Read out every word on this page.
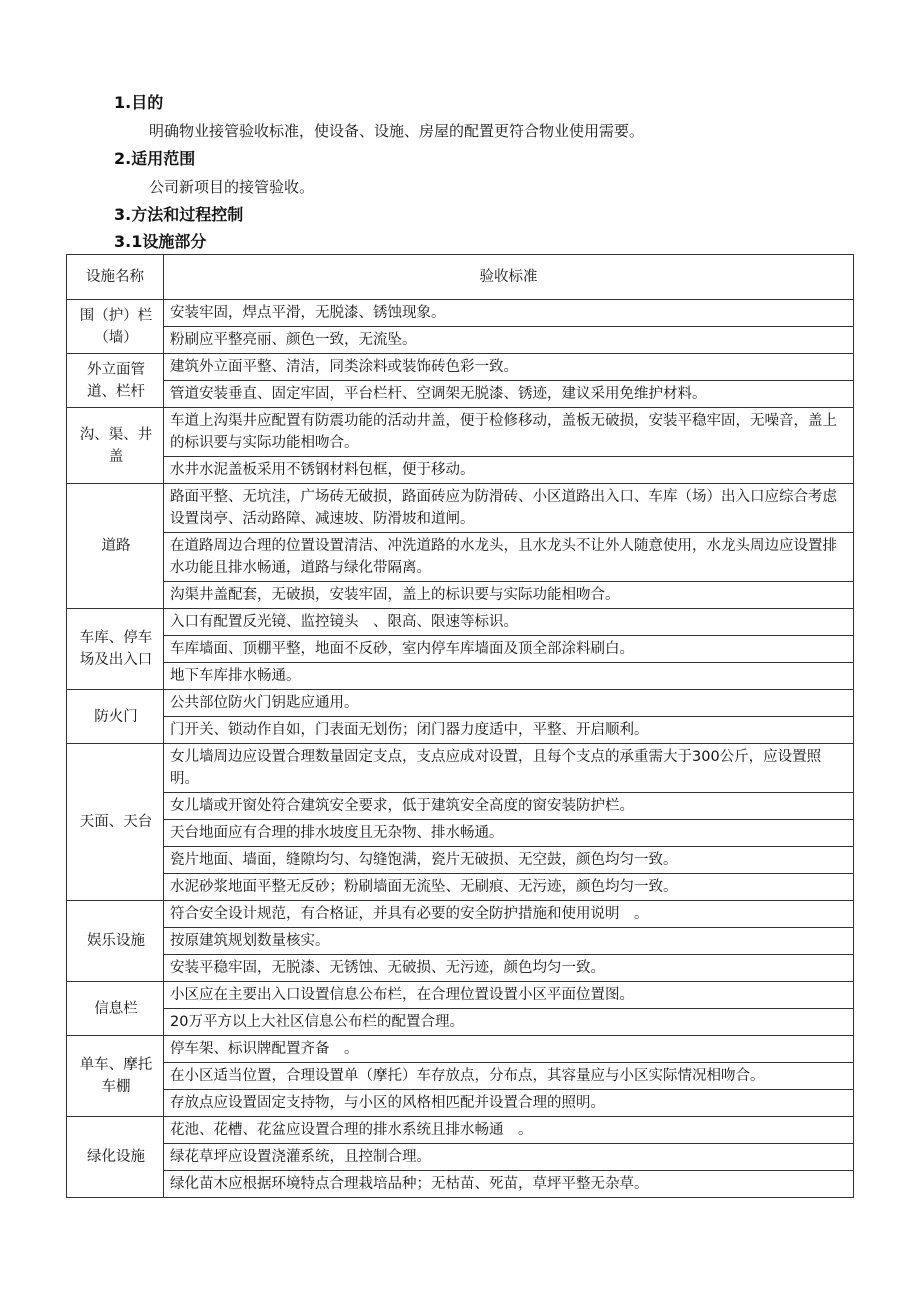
1.目的
明确物业接管验收标准，使设备、设施、房屋的配置更符合物业使用需要。
2.适用范围
公司新项目的接管验收。
3.方法和过程控制
3.1设施部分
设施名称	验收标准
围（护）栏（墙）	安装牢固，焊点平滑，无脱漆、锈蚀现象。
	粉刷应平整亮丽、颜色一致，无流坠。
外立面管道、栏杆	建筑外立面平整、清洁，同类涂料或装饰砖色彩一致。
	管道安装垂直、固定牢固，平台栏杆、空调架无脱漆、锈迹，建议采用免维护材料。
沟、渠、井盖	车道上沟渠井应配置有防震功能的活动井盖，便于检修移动，盖板无破损，安装平稳牢固，无噪音，盖上的标识要与实际功能相吻合。
	水井水泥盖板采用不锈钢材料包框，便于移动。
道路	路面平整、无坑洼，广场砖无破损，路面砖应为防滑砖、小区道路出入口、车库（场）出入口应综合考虑设置岗亭、活动路障、减速坡、防滑坡和道闸。
	在道路周边合理的位置设置清洁、冲洗道路的水龙头，且水龙头不让外人随意使用，水龙头周边应设置排水功能且排水畅通，道路与绿化带隔离。
	沟渠井盖配套，无破损，安装牢固，盖上的标识要与实际功能相吻合。
车库、停车场及出入口	入口有配置反光镜、监控镜头　、限高、限速等标识。
	车库墙面、顶棚平整，地面不反砂，室内停车库墙面及顶全部涂料刷白。
	地下车库排水畅通。
防火门	公共部位防火门钥匙应通用。
	门开关、锁动作自如，门表面无划伤；闭门器力度适中，平整、开启顺利。
天面、天台	女儿墙周边应设置合理数量固定支点，支点应成对设置，且每个支点的承重需大于300公斤，应设置照明。
	女儿墙或开窗处符合建筑安全要求，低于建筑安全高度的窗安装防护栏。
	天台地面应有合理的排水坡度且无杂物、排水畅通。
	瓷片地面、墙面，缝隙均匀、勾缝饱满，瓷片无破损、无空鼓，颜色均匀一致。
	水泥砂浆地面平整无反砂；粉刷墙面无流坠、无刷痕、无污迹，颜色均匀一致。
娱乐设施	符合安全设计规范，有合格证，并具有必要的安全防护措施和使用说明　。
	按原建筑规划数量核实。
	安装平稳牢固，无脱漆、无锈蚀、无破损、无污迹，颜色均匀一致。
信息栏	小区应在主要出入口设置信息公布栏，在合理位置设置小区平面位置图。
	20万平方以上大社区信息公布栏的配置合理。
单车、摩托车棚	停车架、标识牌配置齐备　。
	在小区适当位置，合理设置单（摩托）车存放点，分布点，其容量应与小区实际情况相吻合。
	存放点应设置固定支持物，与小区的风格相匹配并设置合理的照明。
绿化设施	花池、花槽、花盆应设置合理的排水系统且排水畅通　。
	绿花草坪应设置浇灌系统，且控制合理。
	绿化苗木应根据环境特点合理栽培品种；无枯苗、死苗，草坪平整无杂草。
